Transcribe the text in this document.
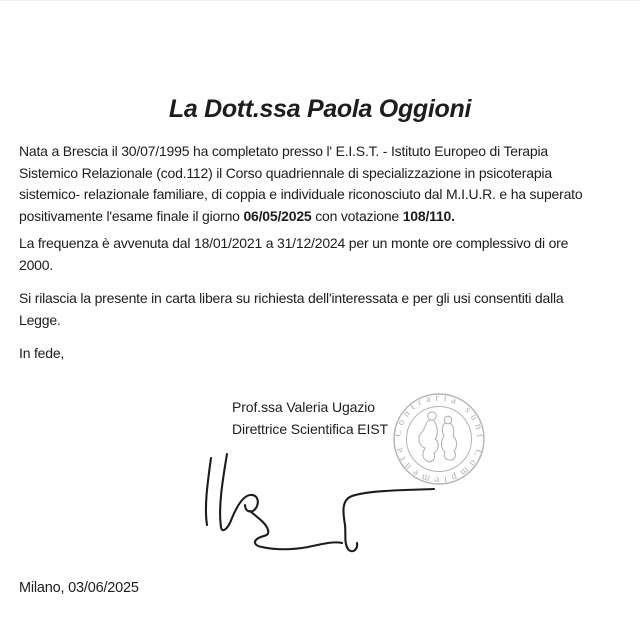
La Dott.ssa Paola Oggioni
Nata a Brescia il 30/07/1995 ha completato presso l' E.I.S.T. - Istituto Europeo di Terapia
Sistemico Relazionale (cod.112) il Corso quadriennale di specializzazione in psicoterapia
sistemico- relazionale familiare, di coppia e individuale riconosciuto dal M.I.U.R. e ha superato
positivamente l'esame finale il giorno 06/05/2025 con votazione 108/110.
La frequenza è avvenuta dal 18/01/2021 a 31/12/2024 per un monte ore complessivo di ore
2000.
Si rilascia la presente in carta libera su richiesta dell'interessata e per gli usi consentiti dalla
Legge.
In fede,
Prof.ssa Valeria Ugazio
Direttrice Scientifica EIST Contraria sunt Complementa
Milano, 03/06/2025
